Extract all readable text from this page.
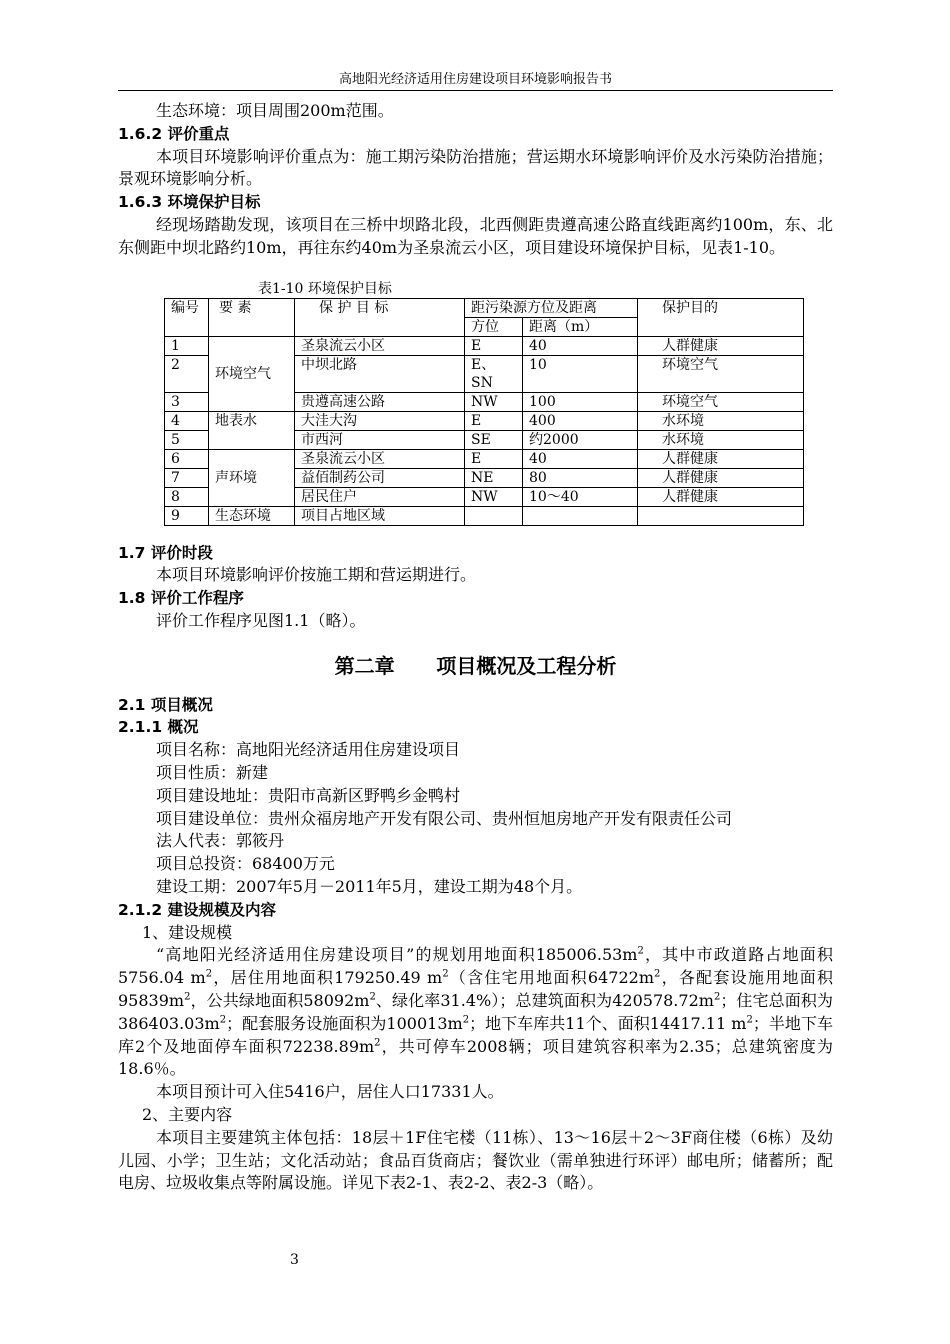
高地阳光经济适用住房建设项目环境影响报告书

生态环境：项目周围200m范围。

1.6.2 评价重点

本项目环境影响评价重点为：施工期污染防治措施；营运期水环境影响评价及水污染防治措施；景观环境影响分析。

1.6.3 环境保护目标

经现场踏勘发现，该项目在三桥中坝路北段，北西侧距贵遵高速公路直线距离约100m，东、北东侧距中坝北路约10m，再往东约40m为圣泉流云小区，项目建设环境保护目标，见表1-10。

表1-10 环境保护目标

编号	要 素	保 护 目 标	距污染源方位及距离		保护目的
			方位	距离（m）	
1	环境空气	圣泉流云小区	E	40	人群健康
2		中坝北路	E、SN	10	环境空气
3		贵遵高速公路	NW	100	环境空气
4	地表水	大洼大沟	E	400	水环境
5		市西河	SE	约2000	水环境
6	声环境	圣泉流云小区	E	40	人群健康
7		益佰制药公司	NE	80	人群健康
8		居民住户	NW	10～40	人群健康
9	生态环境	项目占地区域			

1.7 评价时段

本项目环境影响评价按施工期和营运期进行。

1.8 评价工作程序

评价工作程序见图1.1（略）。

第二章      项目概况及工程分析

2.1 项目概况

2.1.1 概况

项目名称：高地阳光经济适用住房建设项目

项目性质：新建

项目建设地址：贵阳市高新区野鸭乡金鸭村

项目建设单位：贵州众福房地产开发有限公司、贵州恒旭房地产开发有限责任公司

法人代表：郭筱丹

项目总投资：68400万元

建设工期：2007年5月－2011年5月，建设工期为48个月。

2.1.2 建设规模及内容

1、建设规模

“高地阳光经济适用住房建设项目”的规划用地面积$185006.53m^2$，其中市政道路占地面积5756.04 $m^2$，居住用地面积179250.49 $m^2$（含住宅用地面积$64722m^2$，各配套设施用地面积$95839m^2$，公共绿地面积$58092m^2$、绿化率31.4%）；总建筑面积为$420578.72m^2$；住宅总面积为$386403.03m^2$；配套服务设施面积为$100013m^2$；地下车库共11个、面积14417.11 $m^2$；半地下车库2个及地面停车面积$72238.89m^2$，共可停车2008辆；项目建筑容积率为2.35；总建筑密度为18.6％。

本项目预计可入住5416户，居住人口17331人。

2、主要内容

本项目主要建筑主体包括：18层＋1F住宅楼（11栋）、13～16层＋2～3F商住楼（6栋）及幼儿园、小学；卫生站；文化活动站；食品百货商店；餐饮业（需单独进行环评）邮电所；储蓄所；配电房、垃圾收集点等附属设施。详见下表2-1、表2-2、表2-3（略）。

3
